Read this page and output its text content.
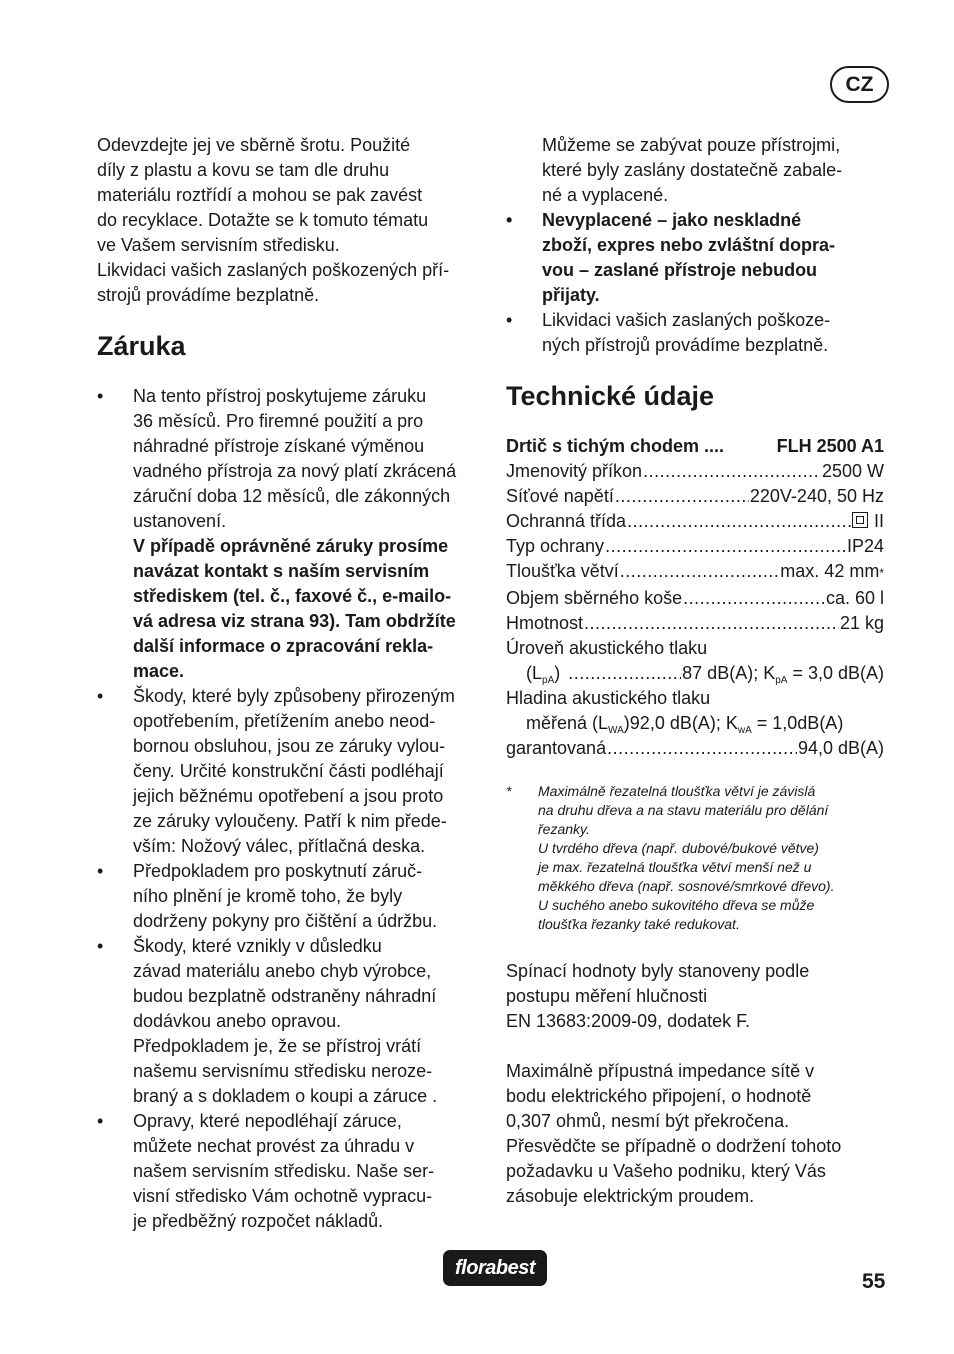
CZ
Odevzdejte jej ve sběrně šrotu. Použité
díly z plastu a kovu se tam dle druhu
materiálu roztřídí a mohou se pak zavést
do recyklace. Dotažte se k tomuto tématu
ve Vašem servisním středisku.
Likvidaci vašich zaslaných poškozených pří-
strojů provádíme bezplatně.
Záruka
• Na tento přístroj poskytujeme záruku
36 měsíců. Pro firemné použití a pro
náhradné přístroje získané výměnou
vadného přístroja za nový platí zkrácená
záruční doba 12 měsíců, dle zákonných
ustanovení.
V případě oprávněné záruky prosíme
navázat kontakt s naším servisním
střediskem (tel. č., faxové č., e-mailo-
vá adresa viz strana 93). Tam obdržíte
další informace o zpracování rekla-
mace.
• Škody, které byly způsobeny přirozeným
opotřebením, přetížením anebo neod-
bornou obsluhou, jsou ze záruky vylou-
čeny. Určité konstrukční části podléhají
jejich běžnému opotřebení a jsou proto
ze záruky vyloučeny. Patří k nim přede-
vším: Nožový válec, přítlačná deska.
• Předpokladem pro poskytnutí záruč-
ního plnění je kromě toho, že byly
dodrženy pokyny pro čištění a údržbu.
• Škody, které vznikly v důsledku
závad materiálu anebo chyb výrobce,
budou bezplatně odstraněny náhradní
dodávkou anebo opravou.
Předpokladem je, že se přístroj vrátí
našemu servisnímu středisku neroze-
braný a s dokladem o koupi a záruce .
• Opravy, které nepodléhají záruce,
můžete nechat provést za úhradu v
našem servisním středisku. Naše ser-
visní středisko Vám ochotně vypracu-
je předběžný rozpočet nákladů.
Můžeme se zabývat pouze přístrojmi,
které byly zaslány dostatečně zabale-
né a vyplacené.
• Nevyplacené – jako neskladné
zboží, expres nebo zvláštní dopra-
vou – zaslané přístroje nebudou
přijaty.
• Likvidaci vašich zaslaných poškoze-
ných přístrojů provádíme bezplatně.
Technické údaje
Drtič s tichým chodem ....	FLH 2500 A1
Jmenovitý příkon .....	2500 W
Síťové napětí .....	220V-240, 50 Hz
Ochranná třída .....	II
Typ ochrany .....	IP24
Tloušťka větví .....	max. 42 mm *
Objem sběrného koše .....	ca. 60 l
Hmotnost .....	21 kg
Úroveň akustického tlaku
$(L_{pA})$ .....	87 dB(A); $K_{pA} = 3,0$ dB(A)
Hladina akustického tlaku
měřená $(L_{WA})92,0$ dB(A); $K_{wA} = 1,0dB(A)$
garantovaná .....	94,0 dB(A)
* Maximálně řezatelná tloušťka větví je závislá
na druhu dřeva a na stavu materiálu pro dělání
řezanky.
U tvrdého dřeva (např. dubové/bukové větve)
je max. řezatelná tloušťka větví menší než u
měkkého dřeva (např. sosnové/smrkové dřevo).
U suchého anebo sukovitého dřeva se může
tloušťka řezanky také redukovat.
Spínací hodnoty byly stanoveny podle
postupu měření hlučnosti
EN 13683:2009-09, dodatek F.
Maximálně přípustná impedance sítě v
bodu elektrického připojení, o hodnotě
0,307 ohmů, nesmí být překročena.
Přesvědčte se případně o dodržení tohoto
požadavku u Vašeho podniku, který Vás
zásobuje elektrickým proudem.
florabest
55
